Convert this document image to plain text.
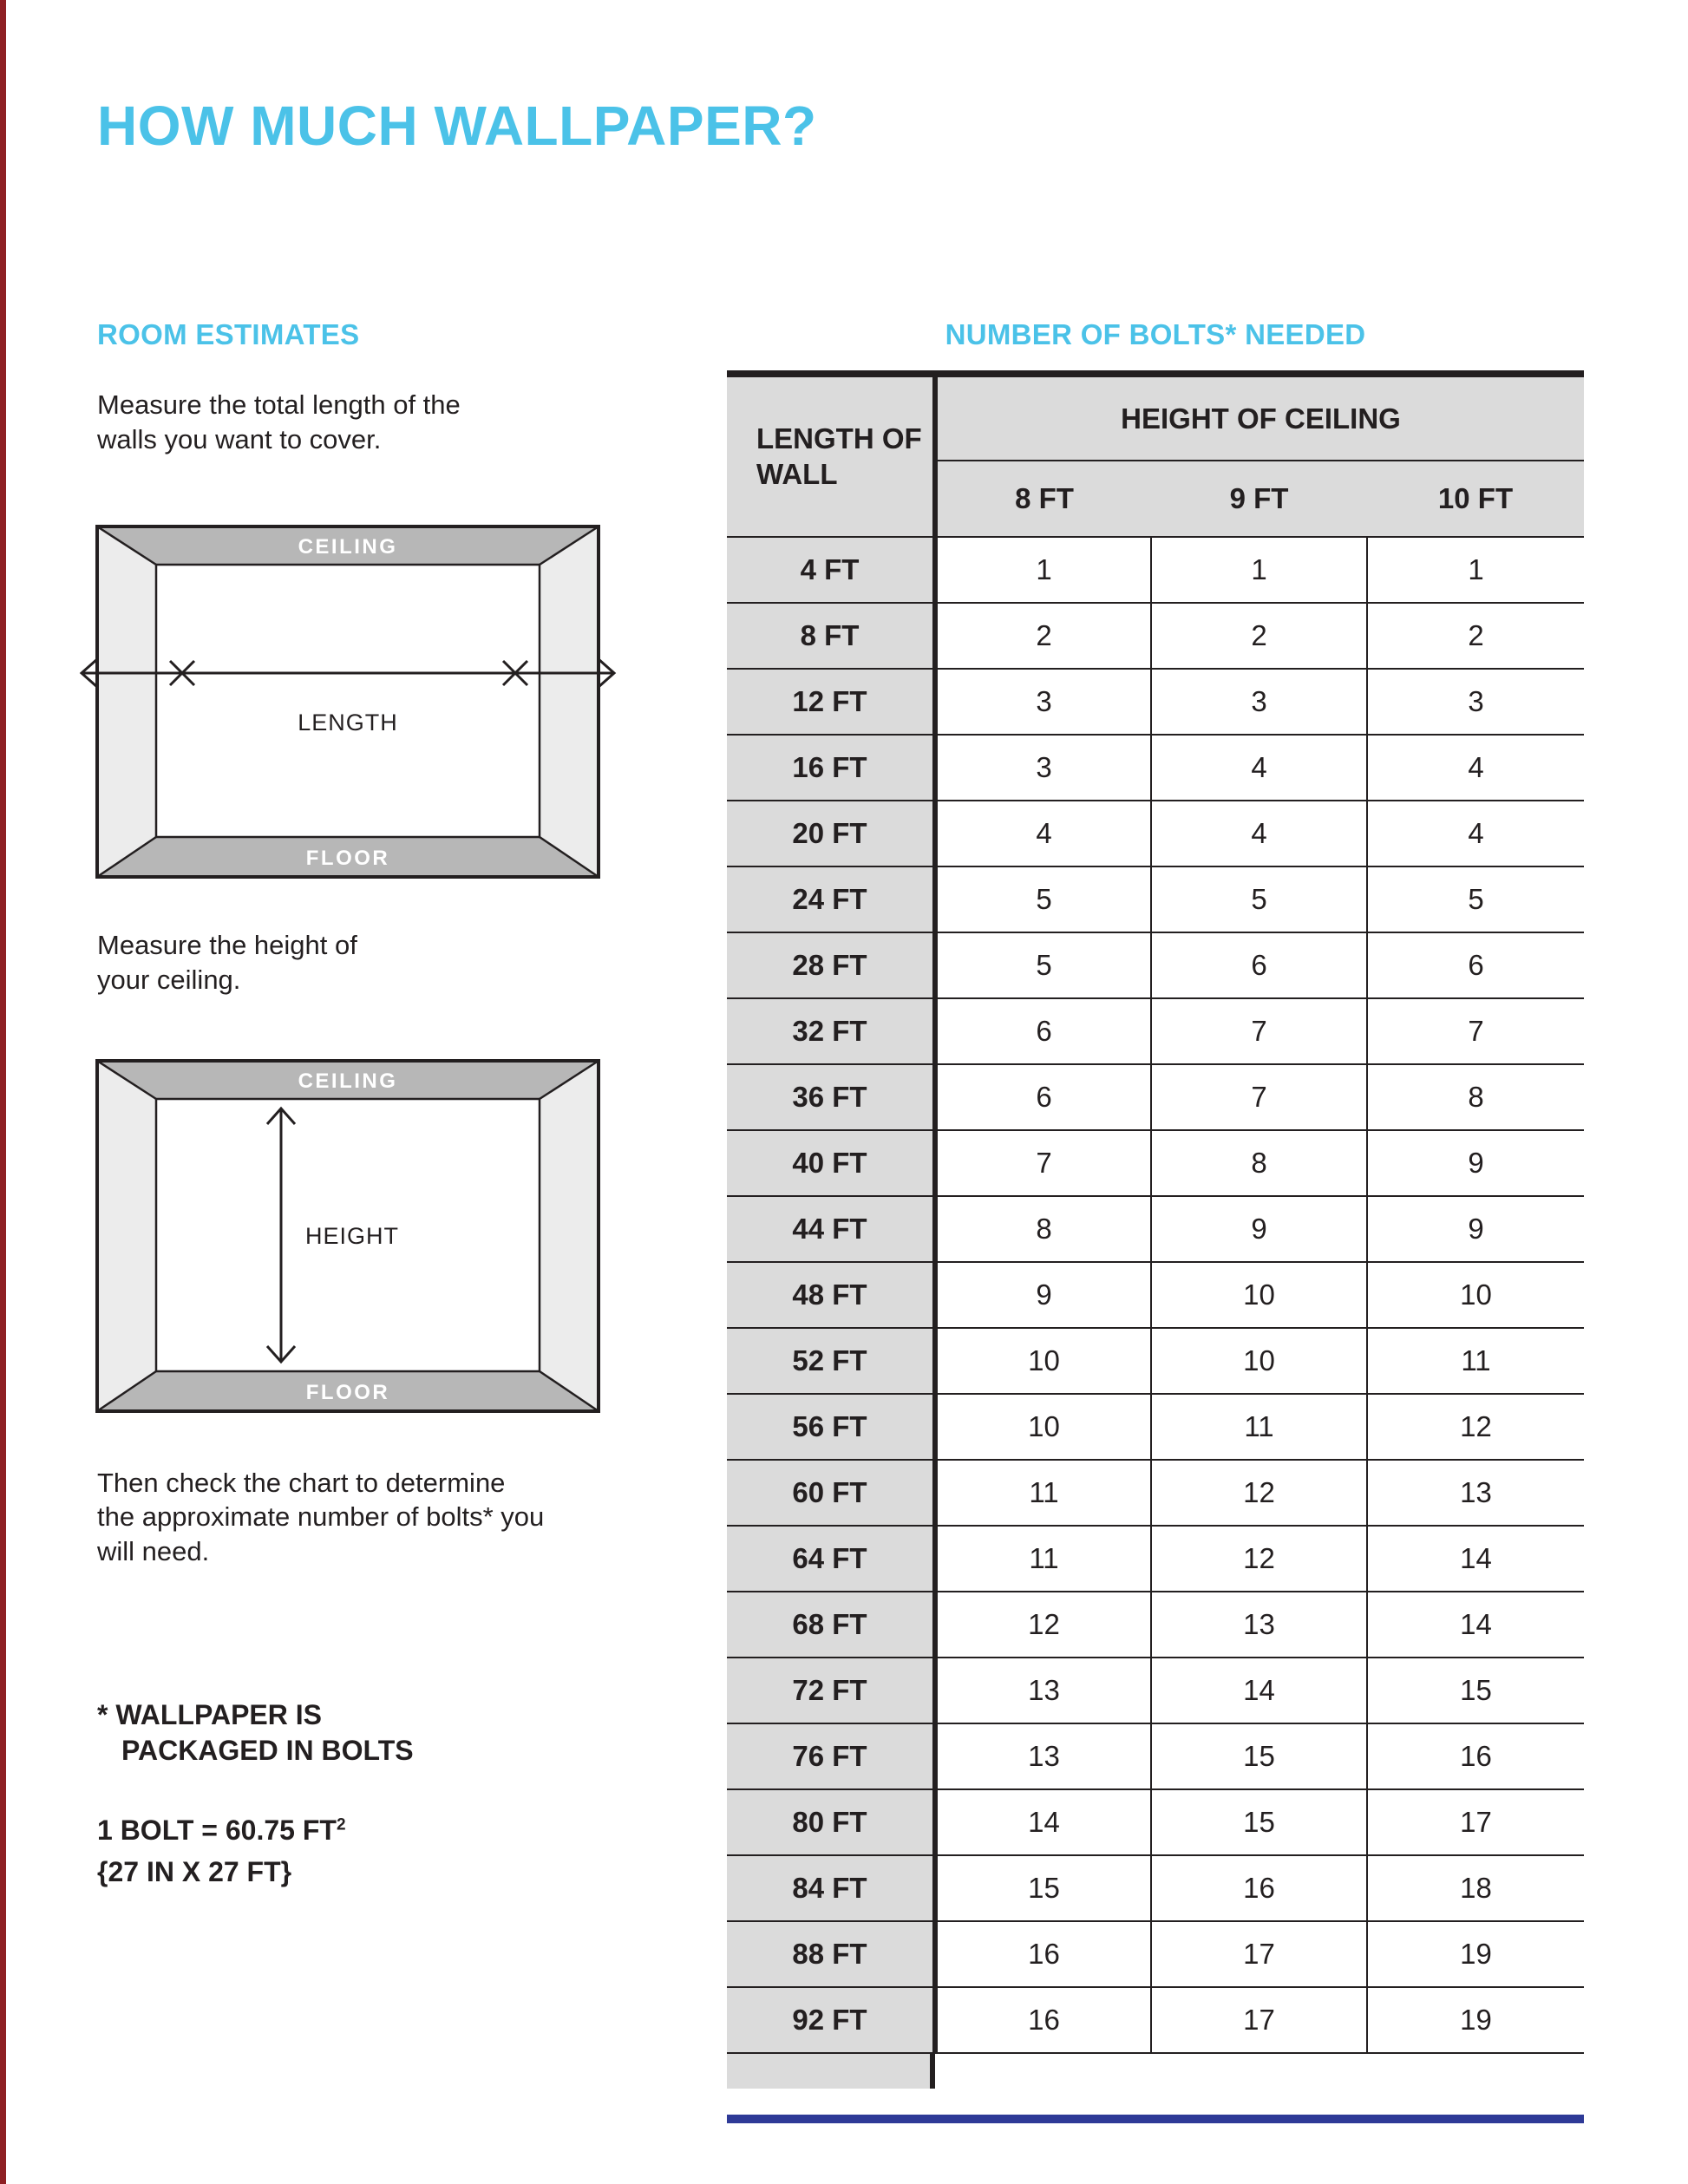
HOW MUCH WALLPAPER?
ROOM ESTIMATES

Measure the total length of the walls you want to cover.

CEILING
FLOOR
LENGTH

Measure the height of your ceiling.

CEILING
FLOOR
HEIGHT

Then check the chart to determine the approximate number of bolts* you will need.

* WALLPAPER IS
PACKAGED IN BOLTS
1 BOLT = 60.75 $FT^2$
{27 IN X 27 FT}
NUMBER OF BOLTS* NEEDED
LENGTH OF WALL	HEIGHT OF CEILING		
	8 FT	9 FT	10 FT
4 FT	1	1	1
8 FT	2	2	2
12 FT	3	3	3
16 FT	3	4	4
20 FT	4	4	4
24 FT	5	5	5
28 FT	5	6	6
32 FT	6	7	7
36 FT	6	7	8
40 FT	7	8	9
44 FT	8	9	9
48 FT	9	10	10
52 FT	10	10	11
56 FT	10	11	12
60 FT	11	12	13
64 FT	11	12	14
68 FT	12	13	14
72 FT	13	14	15
76 FT	13	15	16
80 FT	14	15	17
84 FT	15	16	18
88 FT	16	17	19
92 FT	16	17	19
